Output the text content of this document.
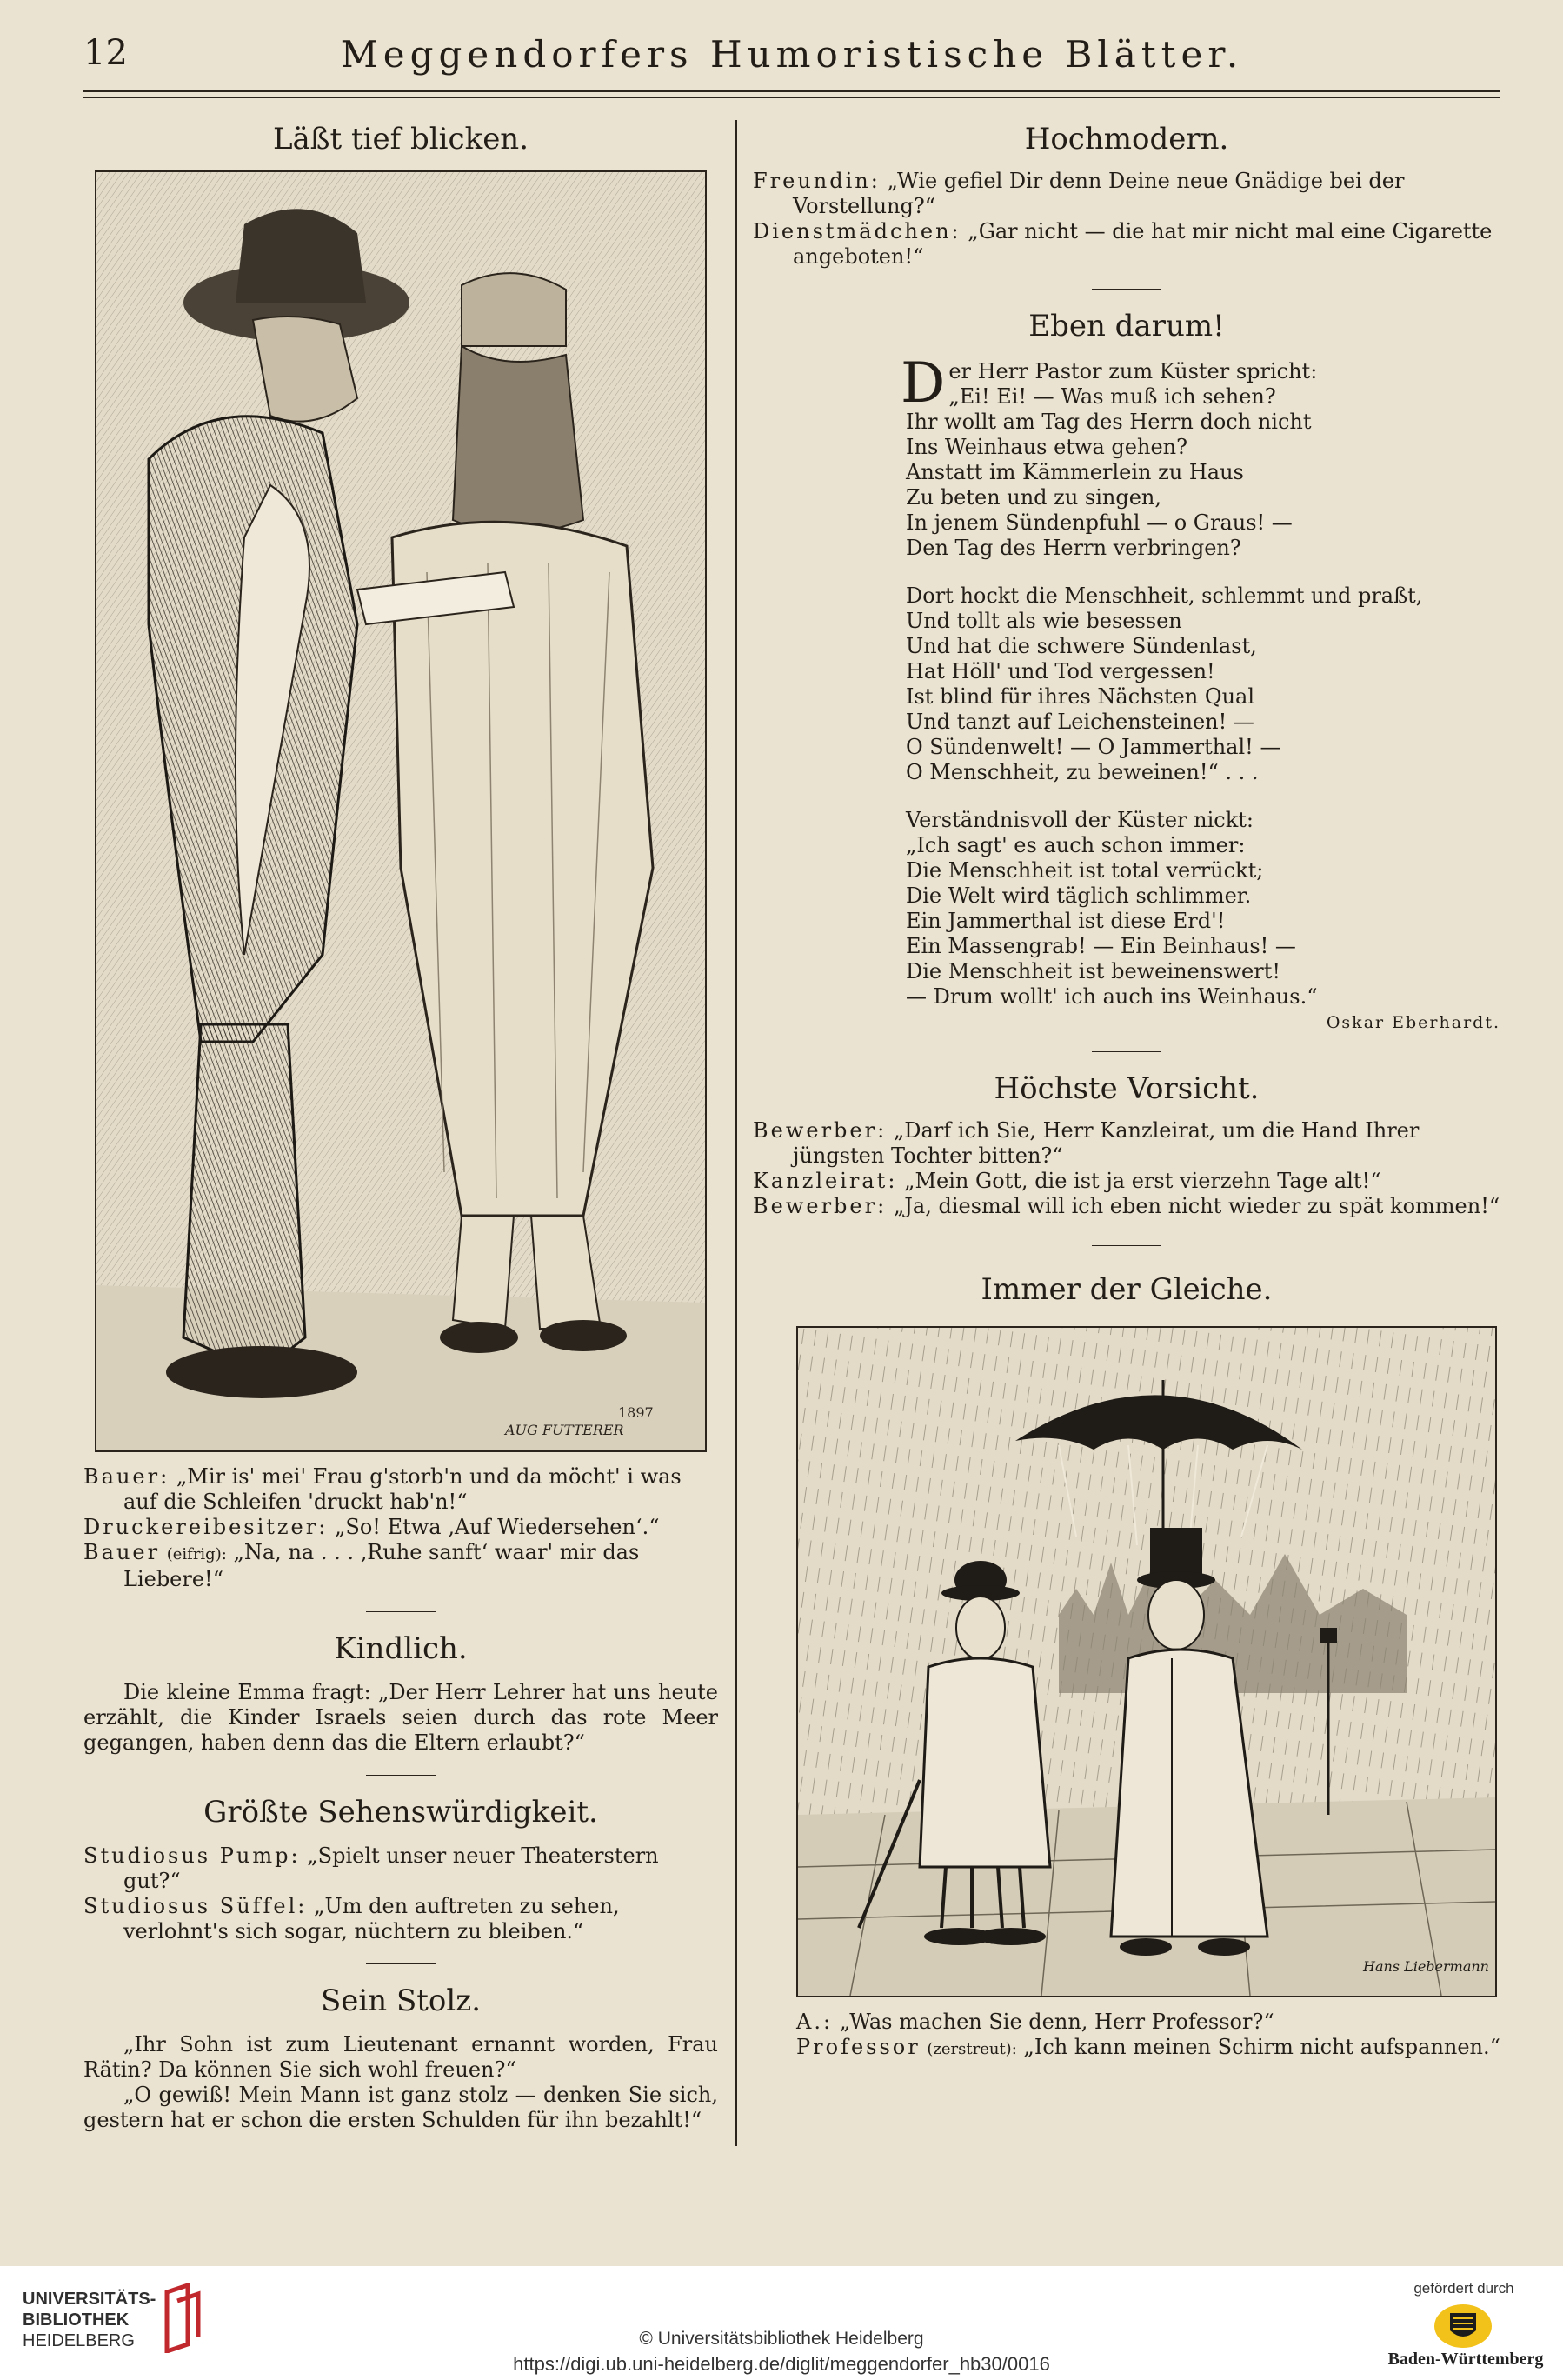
12	Meggendorfers Humoristische Blätter.
Läßt tief blicken.
1897
AUG FUTTERER

Bauer: „Mir is' mei' Frau g'storb'n und da möcht' i was auf die Schleifen 'druckt hab'n!“

Druckereibesitzer: „So! Etwa ‚Auf Wiedersehen‘.“

Bauer (eifrig): „Na, na . . . ‚Ruhe sanft‘ waar' mir das Liebere!“

Kindlich.

Die kleine Emma fragt: „Der Herr Lehrer hat uns heute erzählt, die Kinder Israels seien durch das rote Meer gegangen, haben denn das die Eltern erlaubt?“

Größte Sehenswürdigkeit.

Studiosus Pump: „Spielt unser neuer Theaterstern gut?“

Studiosus Süffel: „Um den auftreten zu sehen, verlohnt's sich sogar, nüchtern zu bleiben.“

Sein Stolz.

„Ihr Sohn ist zum Lieutenant ernannt worden, Frau Rätin? Da können Sie sich wohl freuen?“

„O gewiß! Mein Mann ist ganz stolz — denken Sie sich, gestern hat er schon die ersten Schulden für ihn bezahlt!“

Hochmodern.

Freundin: „Wie gefiel Dir denn Deine neue Gnädige bei der Vorstellung?“

Dienstmädchen: „Gar nicht — die hat mir nicht mal eine Cigarette angeboten!“

Eben darum!
Der Herr Pastor zum Küster spricht:
„Ei! Ei! — Was muß ich sehen?
Ihr wollt am Tag des Herrn doch nicht
Ins Weinhaus etwa gehen?
Anstatt im Kämmerlein zu Haus
Zu beten und zu singen,
In jenem Sündenpfuhl — o Graus! —
Den Tag des Herrn verbringen?
Dort hockt die Menschheit, schlemmt und praßt,
Und tollt als wie besessen
Und hat die schwere Sündenlast,
Hat Höll' und Tod vergessen!
Ist blind für ihres Nächsten Qual
Und tanzt auf Leichensteinen! —
O Sündenwelt! — O Jammerthal! —
O Menschheit, zu beweinen!“ . . .
Verständnisvoll der Küster nickt:
„Ich sagt' es auch schon immer:
Die Menschheit ist total verrückt;
Die Welt wird täglich schlimmer.
Ein Jammerthal ist diese Erd'!
Ein Massengrab! — Ein Beinhaus! —
Die Menschheit ist beweinenswert!
— Drum wollt' ich auch ins Weinhaus.“
Oskar Eberhardt.
Höchste Vorsicht.

Bewerber: „Darf ich Sie, Herr Kanzleirat, um die Hand Ihrer jüngsten Tochter bitten?“

Kanzleirat: „Mein Gott, die ist ja erst vierzehn Tage alt!“

Bewerber: „Ja, diesmal will ich eben nicht wieder zu spät kommen!“

Immer der Gleiche.
Hans Liebermann

A.: „Was machen Sie denn, Herr Professor?“

Professor (zerstreut): „Ich kann meinen Schirm nicht aufspannen.“

UNIVERSITÄTS-
BIBLIOTHEK
HEIDELBERG	© Universitätsbibliothek Heidelberg
https://digi.ub.uni-heidelberg.de/diglit/meggendorfer_hb30/0016
gefördert durch
Baden-Württemberg
